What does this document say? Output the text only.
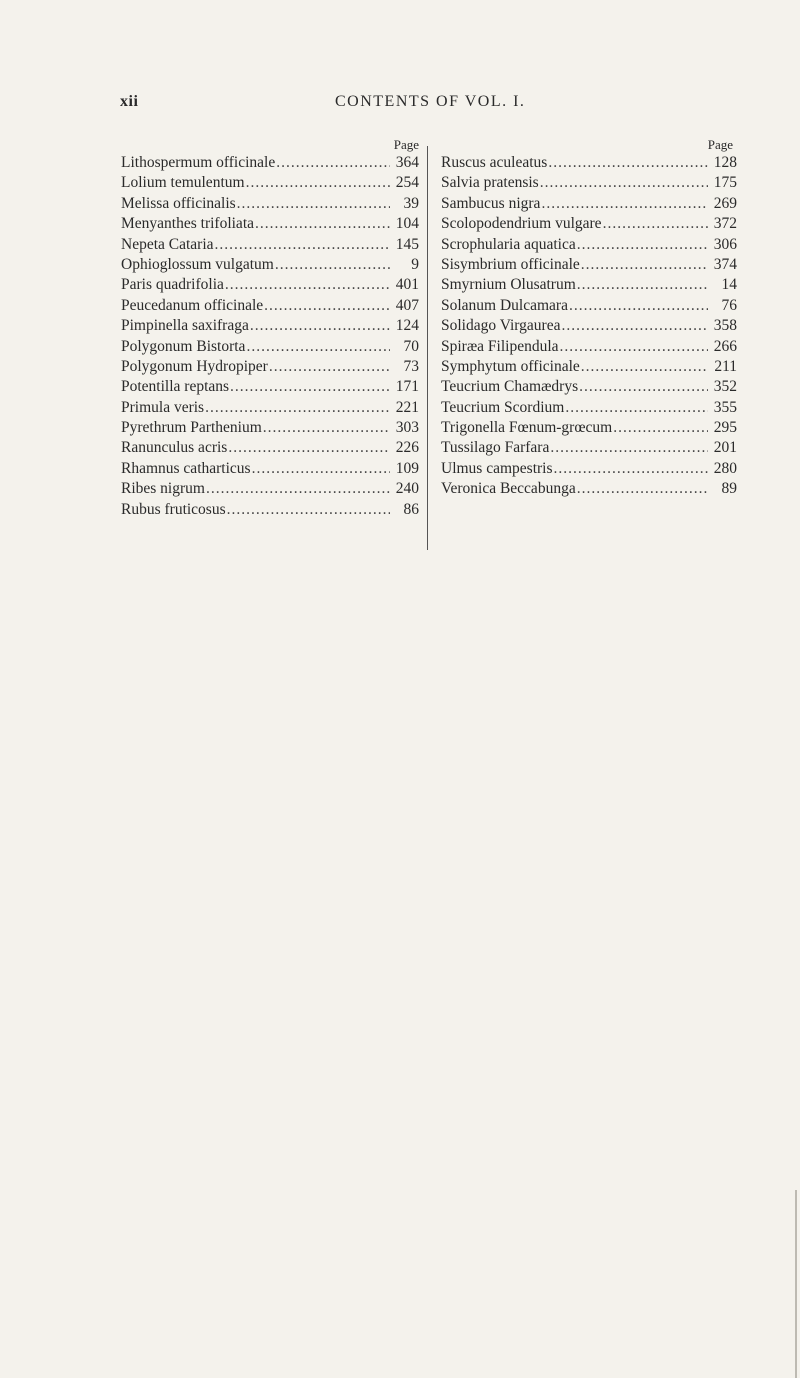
xii	CONTENTS OF VOL. I.
Page
Lithospermum officinale .....	364
Lolium temulentum .....	254
Melissa officinalis .....	39
Menyanthes trifoliata .....	104
Nepeta Cataria .....	145
Ophioglossum vulgatum .....	9
Paris quadrifolia .....	401
Peucedanum officinale .....	407
Pimpinella saxifraga .....	124
Polygonum Bistorta .....	70
Polygonum Hydropiper .....	73
Potentilla reptans .....	171
Primula veris .....	221
Pyrethrum Parthenium .....	303
Ranunculus acris .....	226
Rhamnus catharticus .....	109
Ribes nigrum .....	240
Rubus fruticosus .....	86
Page
Ruscus aculeatus .....	128
Salvia pratensis .....	175
Sambucus nigra .....	269
Scolopodendrium vulgare .....	372
Scrophularia aquatica .....	306
Sisymbrium officinale .....	374
Smyrnium Olusatrum .....	14
Solanum Dulcamara .....	76
Solidago Virgaurea .....	358
Spiræa Filipendula .....	266
Symphytum officinale .....	211
Teucrium Chamædrys .....	352
Teucrium Scordium .....	355
Trigonella Fœnum-grœcum .....	295
Tussilago Farfara .....	201
Ulmus campestris .....	280
Veronica Beccabunga .....	89
